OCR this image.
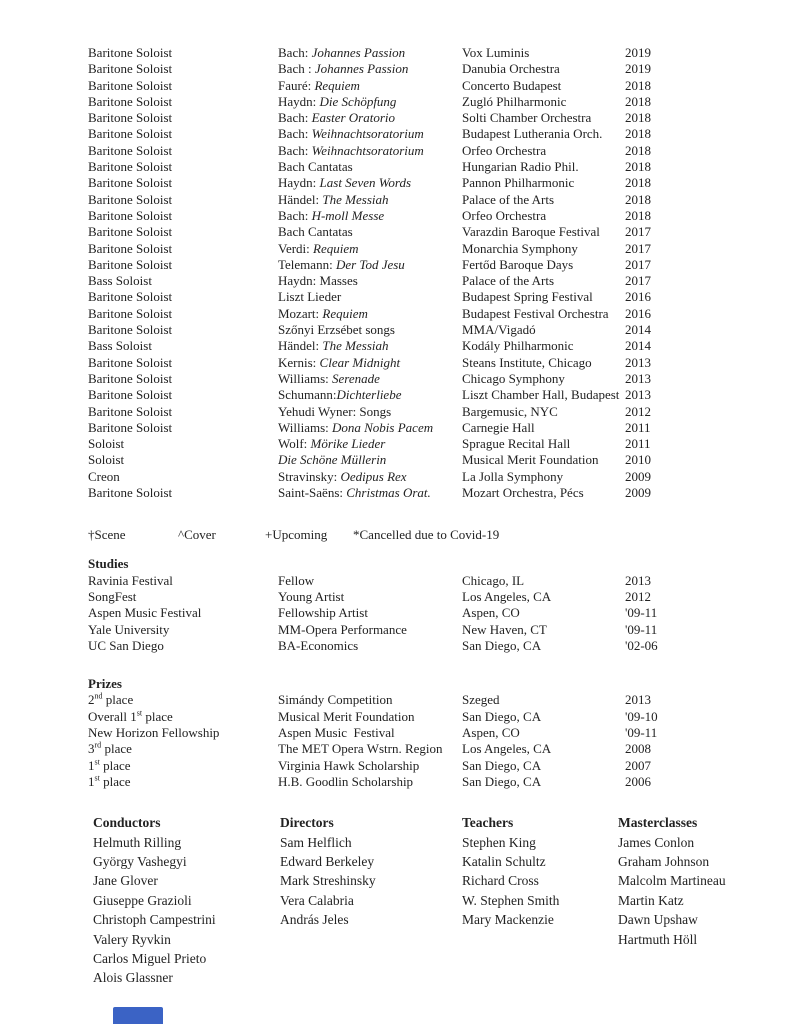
Baritone Soloist	Bach: Johannes Passion	Vox Luminis	2019
Baritone Soloist	Bach : Johannes Passion	Danubia Orchestra	2019
Baritone Soloist	Fauré: Requiem	Concerto Budapest	2018
Baritone Soloist	Haydn: Die Schöpfung	Zugló Philharmonic	2018
Baritone Soloist	Bach: Easter Oratorio	Solti Chamber Orchestra	2018
Baritone Soloist	Bach: Weihnachtsoratorium	Budapest Lutherania Orch.	2018
Baritone Soloist	Bach: Weihnachtsoratorium	Orfeo Orchestra	2018
Baritone Soloist	Bach Cantatas	Hungarian Radio Phil.	2018
Baritone Soloist	Haydn: Last Seven Words	Pannon Philharmonic	2018
Baritone Soloist	Händel: The Messiah	Palace of the Arts	2018
Baritone Soloist	Bach: H-moll Messe	Orfeo Orchestra	2018
Baritone Soloist	Bach Cantatas	Varazdin Baroque Festival	2017
Baritone Soloist	Verdi: Requiem	Monarchia Symphony	2017
Baritone Soloist	Telemann: Der Tod Jesu	Fertőd Baroque Days	2017
Bass Soloist	Haydn: Masses	Palace of the Arts	2017
Baritone Soloist	Liszt Lieder	Budapest Spring Festival	2016
Baritone Soloist	Mozart: Requiem	Budapest Festival Orchestra	2016
Baritone Soloist	Szőnyi Erzsébet songs	MMA/Vigadó	2014
Bass Soloist	Händel: The Messiah	Kodály Philharmonic	2014
Baritone Soloist	Kernis: Clear Midnight	Steans Institute, Chicago	2013
Baritone Soloist	Williams: Serenade	Chicago Symphony	2013
Baritone Soloist	Schumann:Dichterliebe	Liszt Chamber Hall, Budapest 2013
Baritone Soloist	Yehudi Wyner: Songs	Bargemusic, NYC	2012
Baritone Soloist	Williams: Dona Nobis Pacem	Carnegie Hall	2011
Soloist	Wolf: Mörike Lieder	Sprague Recital Hall	2011
Soloist	Die Schöne Müllerin	Musical Merit Foundation	2010
Creon	Stravinsky: Oedipus Rex	La Jolla Symphony	2009
Baritone Soloist	Saint-Saëns: Christmas Orat.	Mozart Orchestra, Pécs	2009
†Scene	^Cover	+Upcoming	*Cancelled due to Covid-19
Studies
Ravinia Festival	Fellow	Chicago, IL	2013
SongFest	Young Artist	Los Angeles, CA	2012
Aspen Music Festival	Fellowship Artist	Aspen, CO	'09-11
Yale University	MM-Opera Performance	New Haven, CT	'09-11
UC San Diego	BA-Economics	San Diego, CA	'02-06
Prizes
2nd place	Simándy Competition	Szeged	2013
Overall 1st place	Musical Merit Foundation	San Diego, CA	'09-10
New Horizon Fellowship	Aspen Music  Festival	Aspen, CO	'09-11
3rd place	The MET Opera Wstrn. Region	Los Angeles, CA	2008
1st place	Virginia Hawk Scholarship	San Diego, CA	2007
1st place	H.B. Goodlin Scholarship	San Diego, CA	2006
Conductors
Helmuth Rilling
György Vashegyi
Jane Glover
Giuseppe Grazioli
Christoph Campestrini
Valery Ryvkin
Carlos Miguel Prieto
Alois Glassner
Directors
Sam Helflich
Edward Berkeley
Mark Streshinsky
Vera Calabria
András Jeles
Teachers
Stephen King
Katalin Schultz
Richard Cross
W. Stephen Smith
Mary Mackenzie
Masterclasses
James Conlon
Graham Johnson
Malcolm Martineau
Martin Katz
Dawn Upshaw
Hartmuth Höll
